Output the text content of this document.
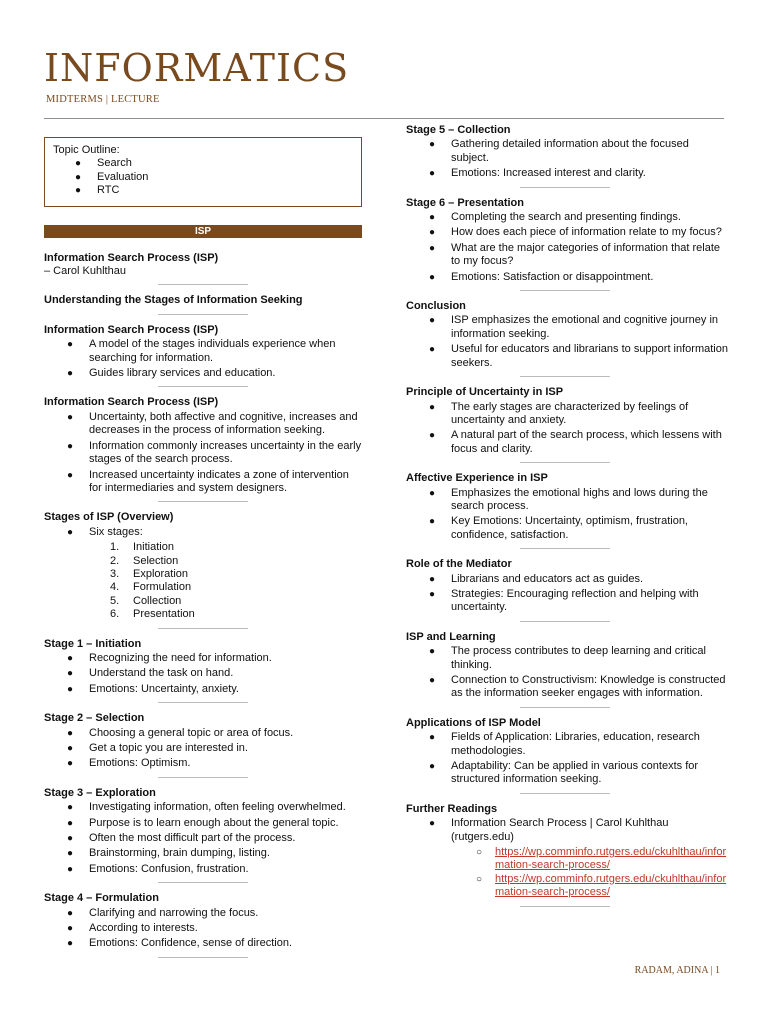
INFORMATICS
MIDTERMS | LECTURE
Topic Outline:
● Search
● Evaluation
● RTC
ISP
Information Search Process (ISP)
– Carol Kuhlthau
Understanding the Stages of Information Seeking
Information Search Process (ISP)
● A model of the stages individuals experience when searching for information.
● Guides library services and education.
Information Search Process (ISP)
● Uncertainty, both affective and cognitive, increases and decreases in the process of information seeking.
● Information commonly increases uncertainty in the early stages of the search process.
● Increased uncertainty indicates a zone of intervention for intermediaries and system designers.
Stages of ISP (Overview)
● Six stages:
1. Initiation
2. Selection
3. Exploration
4. Formulation
5. Collection
6. Presentation
Stage 1 – Initiation
● Recognizing the need for information.
● Understand the task on hand.
● Emotions: Uncertainty, anxiety.
Stage 2 – Selection
● Choosing a general topic or area of focus.
● Get a topic you are interested in.
● Emotions: Optimism.
Stage 3 – Exploration
● Investigating information, often feeling overwhelmed.
● Purpose is to learn enough about the general topic.
● Often the most difficult part of the process.
● Brainstorming, brain dumping, listing.
● Emotions: Confusion, frustration.
Stage 4 – Formulation
● Clarifying and narrowing the focus.
● According to interests.
● Emotions: Confidence, sense of direction.
Stage 5 – Collection
● Gathering detailed information about the focused subject.
● Emotions: Increased interest and clarity.
Stage 6 – Presentation
● Completing the search and presenting findings.
● How does each piece of information relate to my focus?
● What are the major categories of information that relate to my focus?
● Emotions: Satisfaction or disappointment.
Conclusion
● ISP emphasizes the emotional and cognitive journey in information seeking.
● Useful for educators and librarians to support information seekers.
Principle of Uncertainty in ISP
● The early stages are characterized by feelings of uncertainty and anxiety.
● A natural part of the search process, which lessens with focus and clarity.
Affective Experience in ISP
● Emphasizes the emotional highs and lows during the search process.
● Key Emotions: Uncertainty, optimism, frustration, confidence, satisfaction.
Role of the Mediator
● Librarians and educators act as guides.
● Strategies: Encouraging reflection and helping with uncertainty.
ISP and Learning
● The process contributes to deep learning and critical thinking.
● Connection to Constructivism: Knowledge is constructed as the information seeker engages with information.
Applications of ISP Model
● Fields of Application: Libraries, education, research methodologies.
● Adaptability: Can be applied in various contexts for structured information seeking.
Further Readings
● Information Search Process | Carol Kuhlthau (rutgers.edu)
○ https://wp.comminfo.rutgers.edu/ckuhlthau/information-search-process/
○ https://wp.comminfo.rutgers.edu/ckuhlthau/information-search-process/
RADAM, ADINA | 1
